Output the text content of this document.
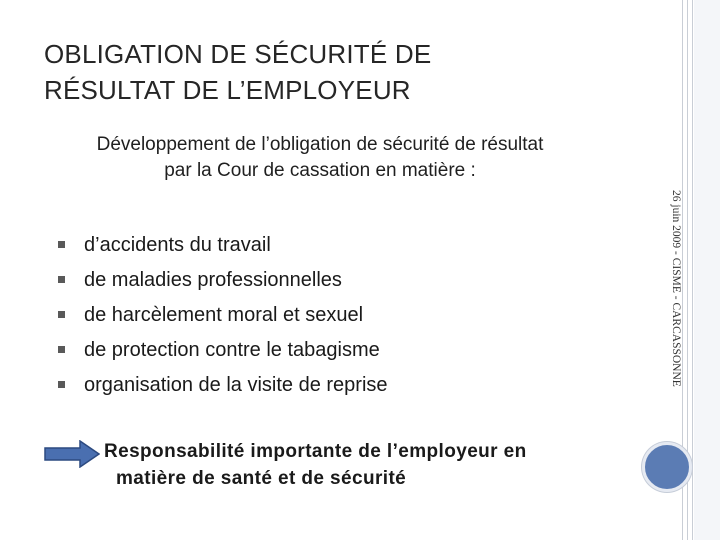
OBLIGATION DE SÉCURITÉ DE
RÉSULTAT DE L’EMPLOYEUR
Développement de l’obligation de sécurité de résultat
par la Cour de cassation en matière :
26 juin 2009 - CISME - CARCASSONNE
d’accidents du travail
de maladies professionnelles
de harcèlement moral et sexuel
de protection contre le tabagisme
organisation de la visite de reprise
Responsabilité importante de l’employeur en
matière de santé et de sécurité
